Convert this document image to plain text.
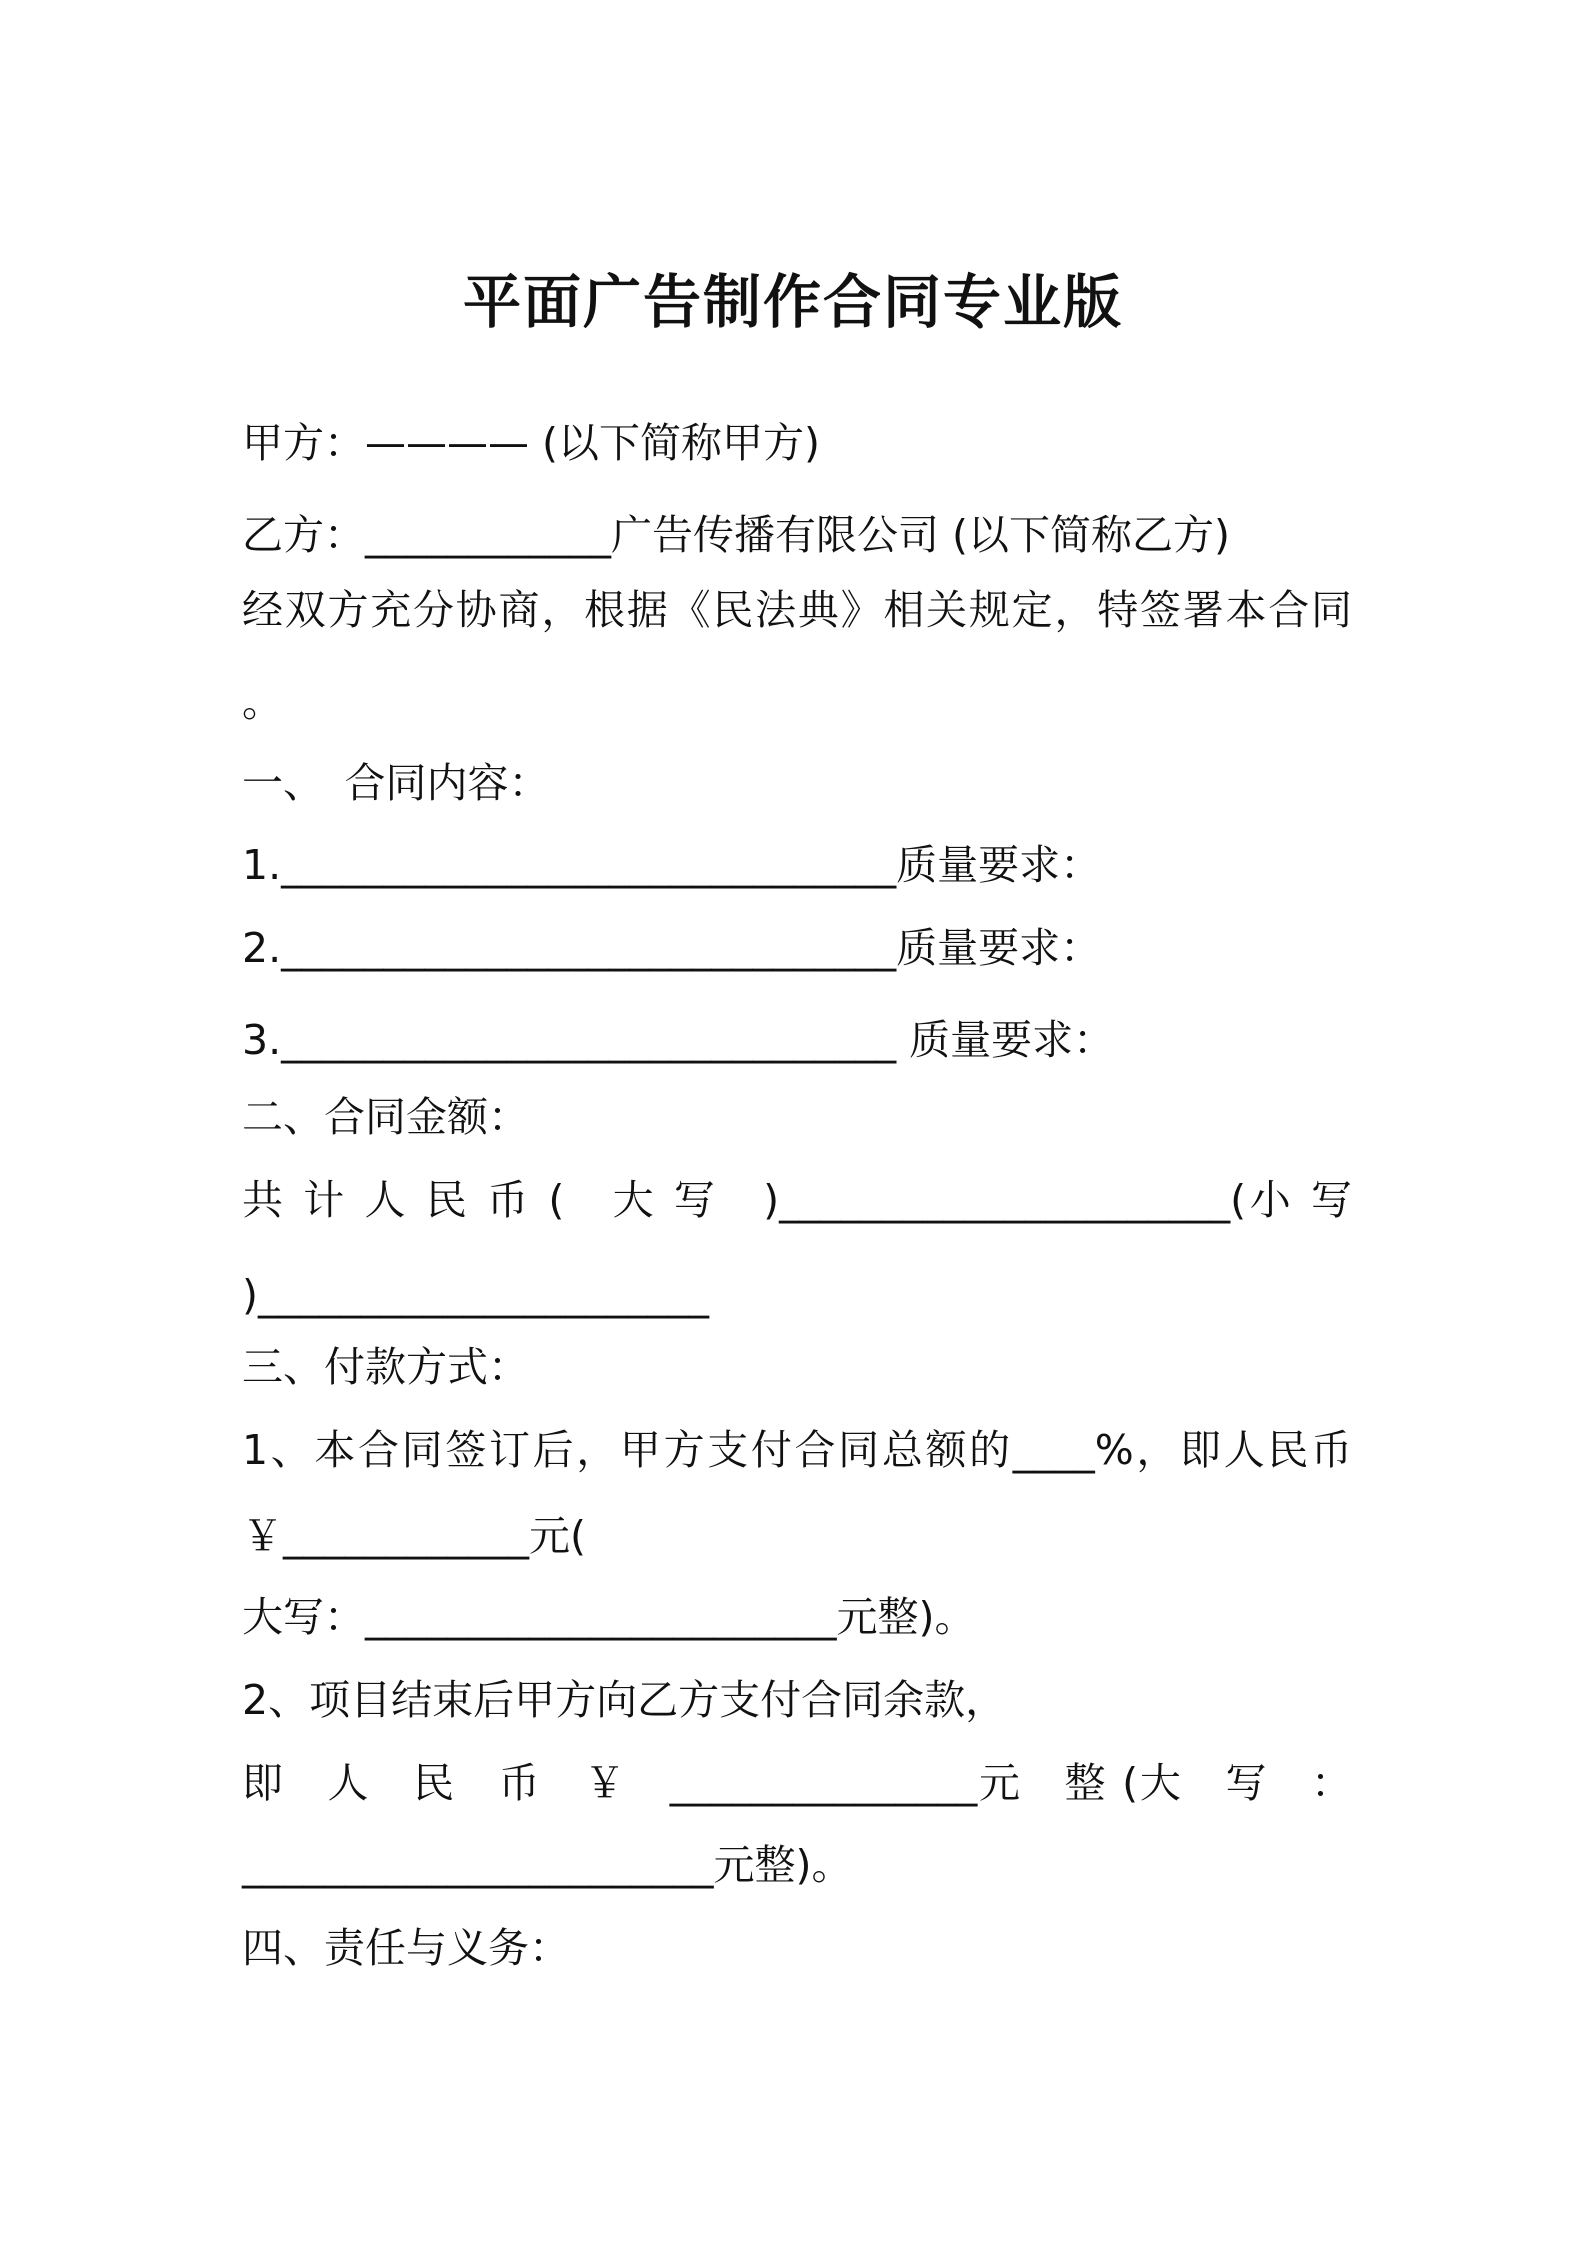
平面广告制作合同专业版
甲方：———— (以下简称甲方)
乙方：____________广告传播有限公司 (以下简称乙方)
经双方充分协商，根据《民法典》相关规定，特签署本合同
。
一、　合同内容：
1.______________________________质量要求：
2.______________________________质量要求：
3.______________________________ 质量要求：
二、合同金额：
共 计 人 民 币 (　大 写　)______________________(小 写
)______________________
三、付款方式：
1、本合同签订后，甲方支付合同总额的____%，即人民币
￥____________元(
大写：_______________________元整)。
2、项目结束后甲方向乙方支付合同余款，
即　人　民　币　￥　_______________元　整 (大　写　：
_______________________元整)。
四、责任与义务：
